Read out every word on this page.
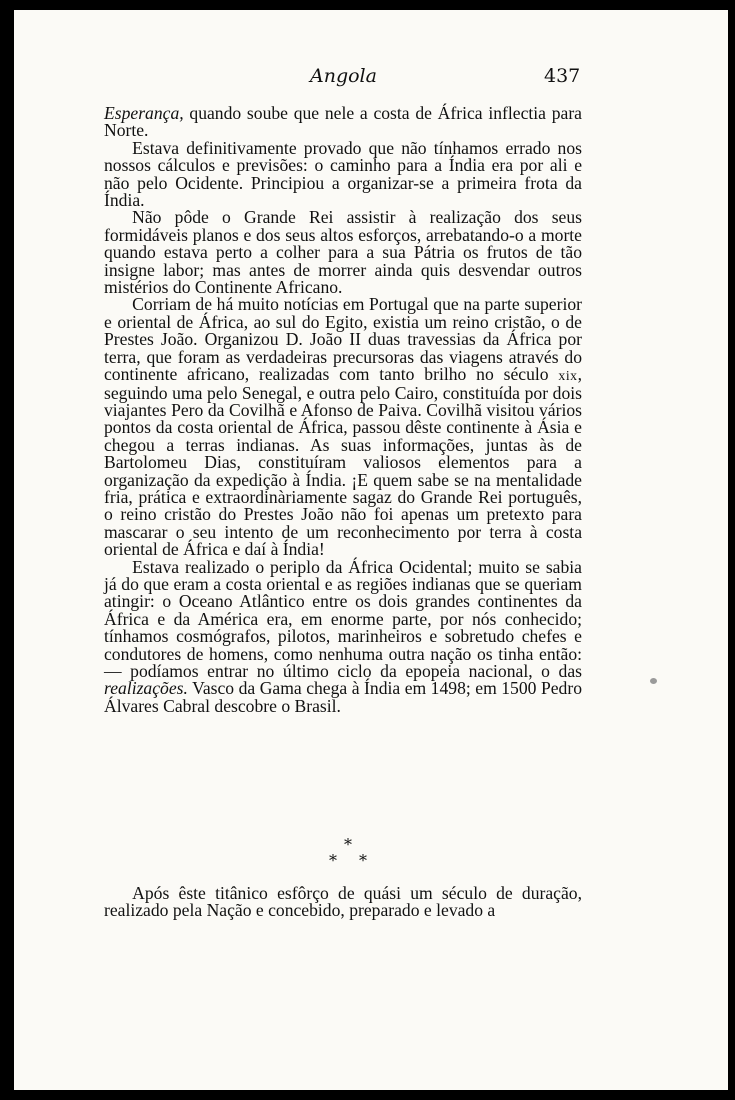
Angola	437

Esperança, quando soube que nele a costa de África inflectia para Norte.

Estava definitivamente provado que não tínhamos errado nos nossos cálculos e previsões: o caminho para a Índia era por ali e não pelo Ocidente. Principiou a organizar-se a primeira frota da Índia.

Não pôde o Grande Rei assistir à realização dos seus formidáveis planos e dos seus altos esforços, arrebatando-o a morte quando estava perto a colher para a sua Pátria os frutos de tão insigne labor; mas antes de morrer ainda quis desvendar outros mistérios do Continente Africano.

Corriam de há muito notícias em Portugal que na parte superior e oriental de África, ao sul do Egito, existia um reino cristão, o de Prestes João. Organizou D. João II duas travessias da África por terra, que foram as verdadeiras precursoras das viagens através do continente africano, realizadas com tanto brilho no século xix, seguindo uma pelo Senegal, e outra pelo Cairo, constituída por dois viajantes Pero da Covilhã e Afonso de Paiva. Covilhã visitou vários pontos da costa oriental de África, passou dêste continente à Ásia e chegou a terras indianas. As suas informações, juntas às de Bartolomeu Dias, constituíram valiosos elementos para a organização da expedição à Índia. ¡E quem sabe se na mentalidade fria, prática e extraordinàriamente sagaz do Grande Rei português, o reino cristão do Prestes João não foi apenas um pretexto para mascarar o seu intento de um reconhecimento por terra à costa oriental de África e daí à Índia!

Estava realizado o periplo da África Ocidental; muito se sabia já do que eram a costa oriental e as regiões indianas que se queriam atingir: o Oceano Atlântico entre os dois grandes continentes da África e da América era, em enorme parte, por nós conhecido; tínhamos cosmógrafos, pilotos, marinheiros e sobretudo chefes e condutores de homens, como nenhuma outra nação os tinha então: — podíamos entrar no último ciclo da epopeia nacional, o das realizações. Vasco da Gama chega à Índia em 1498; em 1500 Pedro Álvares Cabral descobre o Brasil.

*
* *

Após êste titânico esfôrço de quási um século de duração, realizado pela Nação e concebido, preparado e levado a
